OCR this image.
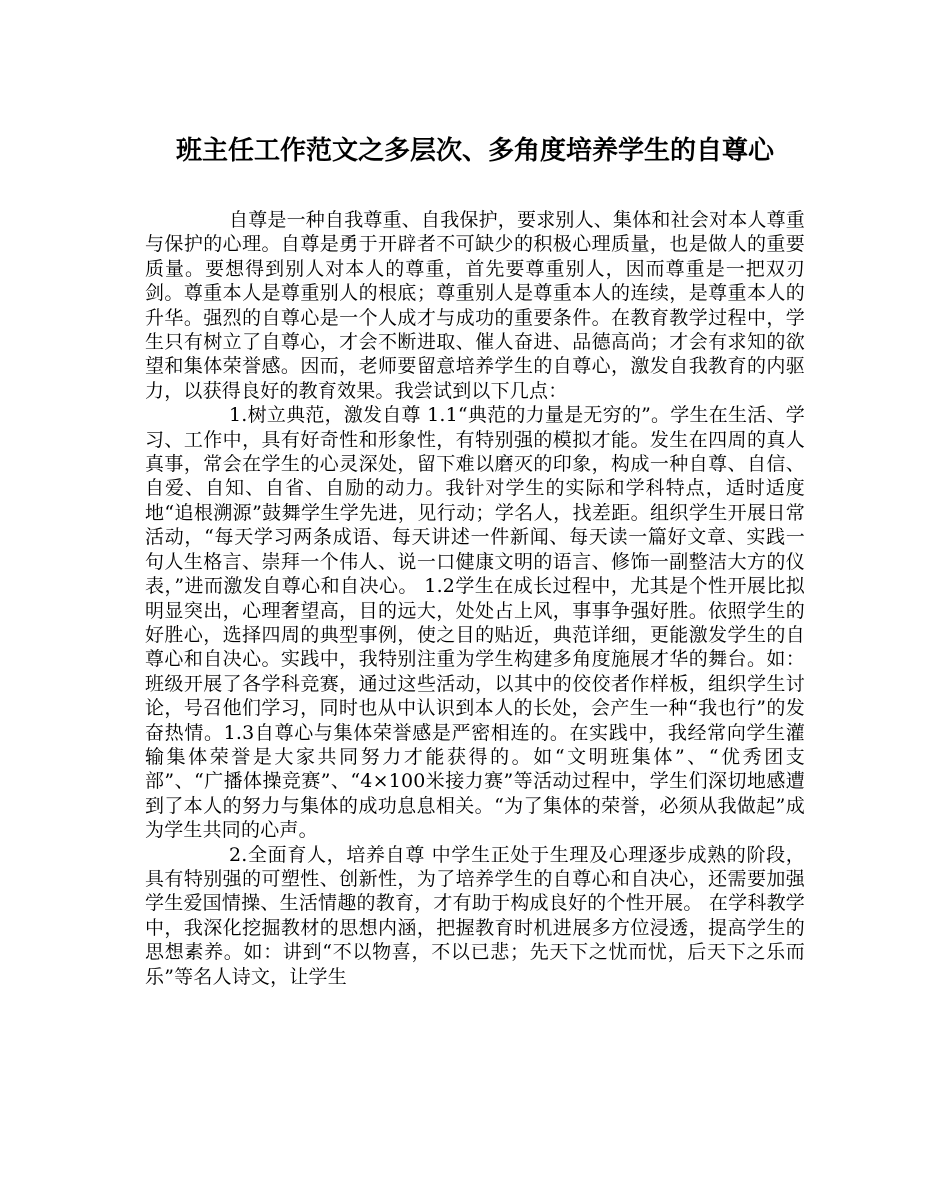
班主任工作范文之多层次、多角度培养学生的自尊心

自尊是一种自我尊重、自我保护，要求别人、集体和社会对本人尊重与保护的心理。自尊是勇于开辟者不可缺少的积极心理质量，也是做人的重要质量。要想得到别人对本人的尊重，首先要尊重别人，因而尊重是一把双刃剑。尊重本人是尊重别人的根底；尊重别人是尊重本人的连续，是尊重本人的升华。强烈的自尊心是一个人成才与成功的重要条件。在教育教学过程中，学生只有树立了自尊心，才会不断进取、催人奋进、品德高尚；才会有求知的欲望和集体荣誉感。因而，老师要留意培养学生的自尊心，激发自我教育的内驱力，以获得良好的教育效果。我尝试到以下几点：

1.树立典范，激发自尊 1.1“典范的力量是无穷的”。学生在生活、学习、工作中，具有好奇性和形象性，有特别强的模拟才能。发生在四周的真人真事，常会在学生的心灵深处，留下难以磨灭的印象，构成一种自尊、自信、自爱、自知、自省、自励的动力。我针对学生的实际和学科特点，适时适度地“追根溯源”鼓舞学生学先进，见行动；学名人，找差距。组织学生开展日常活动，“每天学习两条成语、每天讲述一件新闻、每天读一篇好文章、实践一句人生格言、崇拜一个伟人、说一口健康文明的语言、修饰一副整洁大方的仪表，”进而激发自尊心和自决心。 1.2学生在成长过程中，尤其是个性开展比拟明显突出，心理奢望高，目的远大，处处占上风，事事争强好胜。依照学生的好胜心，选择四周的典型事例，使之目的贴近，典范详细，更能激发学生的自尊心和自决心。实践中，我特别注重为学生构建多角度施展才华的舞台。如：班级开展了各学科竞赛，通过这些活动，以其中的佼佼者作样板，组织学生讨论，号召他们学习，同时也从中认识到本人的长处，会产生一种“我也行”的发奋热情。1.3自尊心与集体荣誉感是严密相连的。在实践中，我经常向学生灌输集体荣誉是大家共同努力才能获得的。如“文明班集体”、“优秀团支部”、“广播体操竞赛”、“4×100米接力赛”等活动过程中，学生们深切地感遭到了本人的努力与集体的成功息息相关。“为了集体的荣誉，必须从我做起”成为学生共同的心声。

2.全面育人，培养自尊 中学生正处于生理及心理逐步成熟的阶段，具有特别强的可塑性、创新性，为了培养学生的自尊心和自决心，还需要加强学生爱国情操、生活情趣的教育，才有助于构成良好的个性开展。 在学科教学中，我深化挖掘教材的思想内涵，把握教育时机进展多方位浸透，提高学生的思想素养。如：讲到“不以物喜，不以已悲；先天下之忧而忧，后天下之乐而乐”等名人诗文，让学生
